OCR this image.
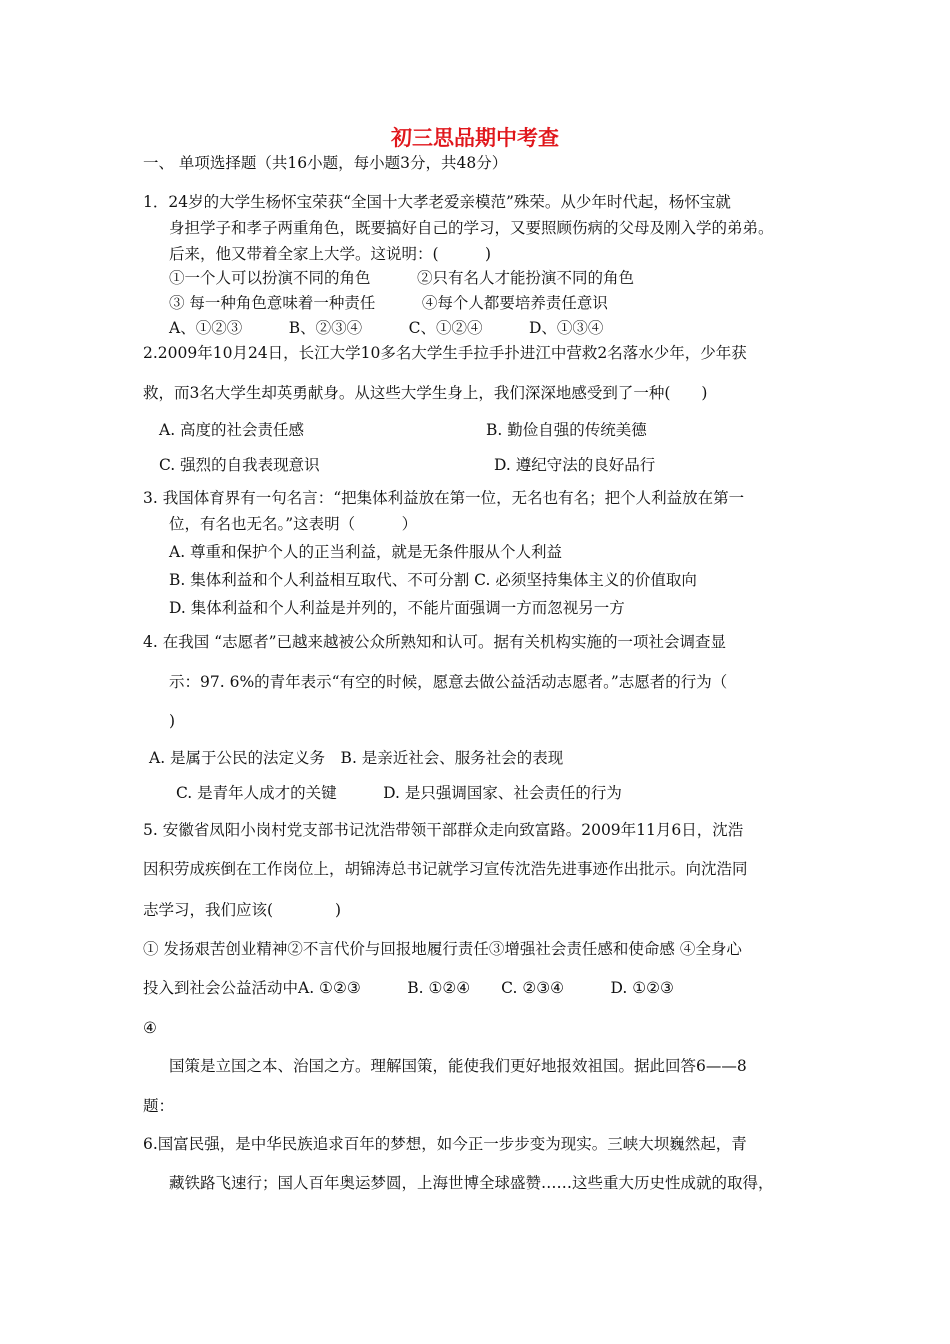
初三思品期中考查
一、 单项选择题（共16小题，每小题3分，共48分）
1．24岁的大学生杨怀宝荣获“全国十大孝老爱亲模范”殊荣。从少年时代起，杨怀宝就
身担学子和孝子两重角色，既要搞好自己的学习，又要照顾伤病的父母及刚入学的弟弟。
后来，他又带着全家上大学。这说明：(　　　)
①一个人可以扮演不同的角色　　　②只有名人才能扮演不同的角色
③ 每一种角色意味着一种责任　　　④每个人都要培养责任意识
A、①②③　　　B、②③④　　　C、①②④　　　D、①③④
2.2009年10月24日，长江大学10多名大学生手拉手扑进江中营救2名落水少年，少年获
救，而3名大学生却英勇献身。从这些大学生身上，我们深深地感受到了一种(　　)
A. 高度的社会责任感	B. 勤俭自强的传统美德
C. 强烈的自我表现意识	D. 遵纪守法的良好品行
3. 我国体育界有一句名言：“把集体利益放在第一位，无名也有名；把个人利益放在第一
位，有名也无名。”这表明（　　　）
A. 尊重和保护个人的正当利益，就是无条件服从个人利益
B. 集体利益和个人利益相互取代、不可分割 C. 必须坚持集体主义的价值取向
D. 集体利益和个人利益是并列的，不能片面强调一方而忽视另一方
4. 在我国 “志愿者”已越来越被公众所熟知和认可。据有关机构实施的一项社会调查显
示：97. 6%的青年表示“有空的时候，愿意去做公益活动志愿者。”志愿者的行为（
)
A. 是属于公民的法定义务　B. 是亲近社会、服务社会的表现
C. 是青年人成才的关键　　　D. 是只强调国家、社会责任的行为
5. 安徽省凤阳小岗村党支部书记沈浩带领干部群众走向致富路。2009年11月6日，沈浩
因积劳成疾倒在工作岗位上，胡锦涛总书记就学习宣传沈浩先进事迹作出批示。向沈浩同
志学习，我们应该(　　　　)
① 发扬艰苦创业精神②不言代价与回报地履行责任③增强社会责任感和使命感 ④全身心
投入到社会公益活动中A. ①②③　　　B. ①②④　　C. ②③④　　　D. ①②③
④
国策是立国之本、治国之方。理解国策，能使我们更好地报效祖国。据此回答6——8
题：
6.国富民强，是中华民族追求百年的梦想，如今正一步步变为现实。三峡大坝巍然起，青
藏铁路飞速行；国人百年奥运梦圆，上海世博全球盛赞……这些重大历史性成就的取得，
